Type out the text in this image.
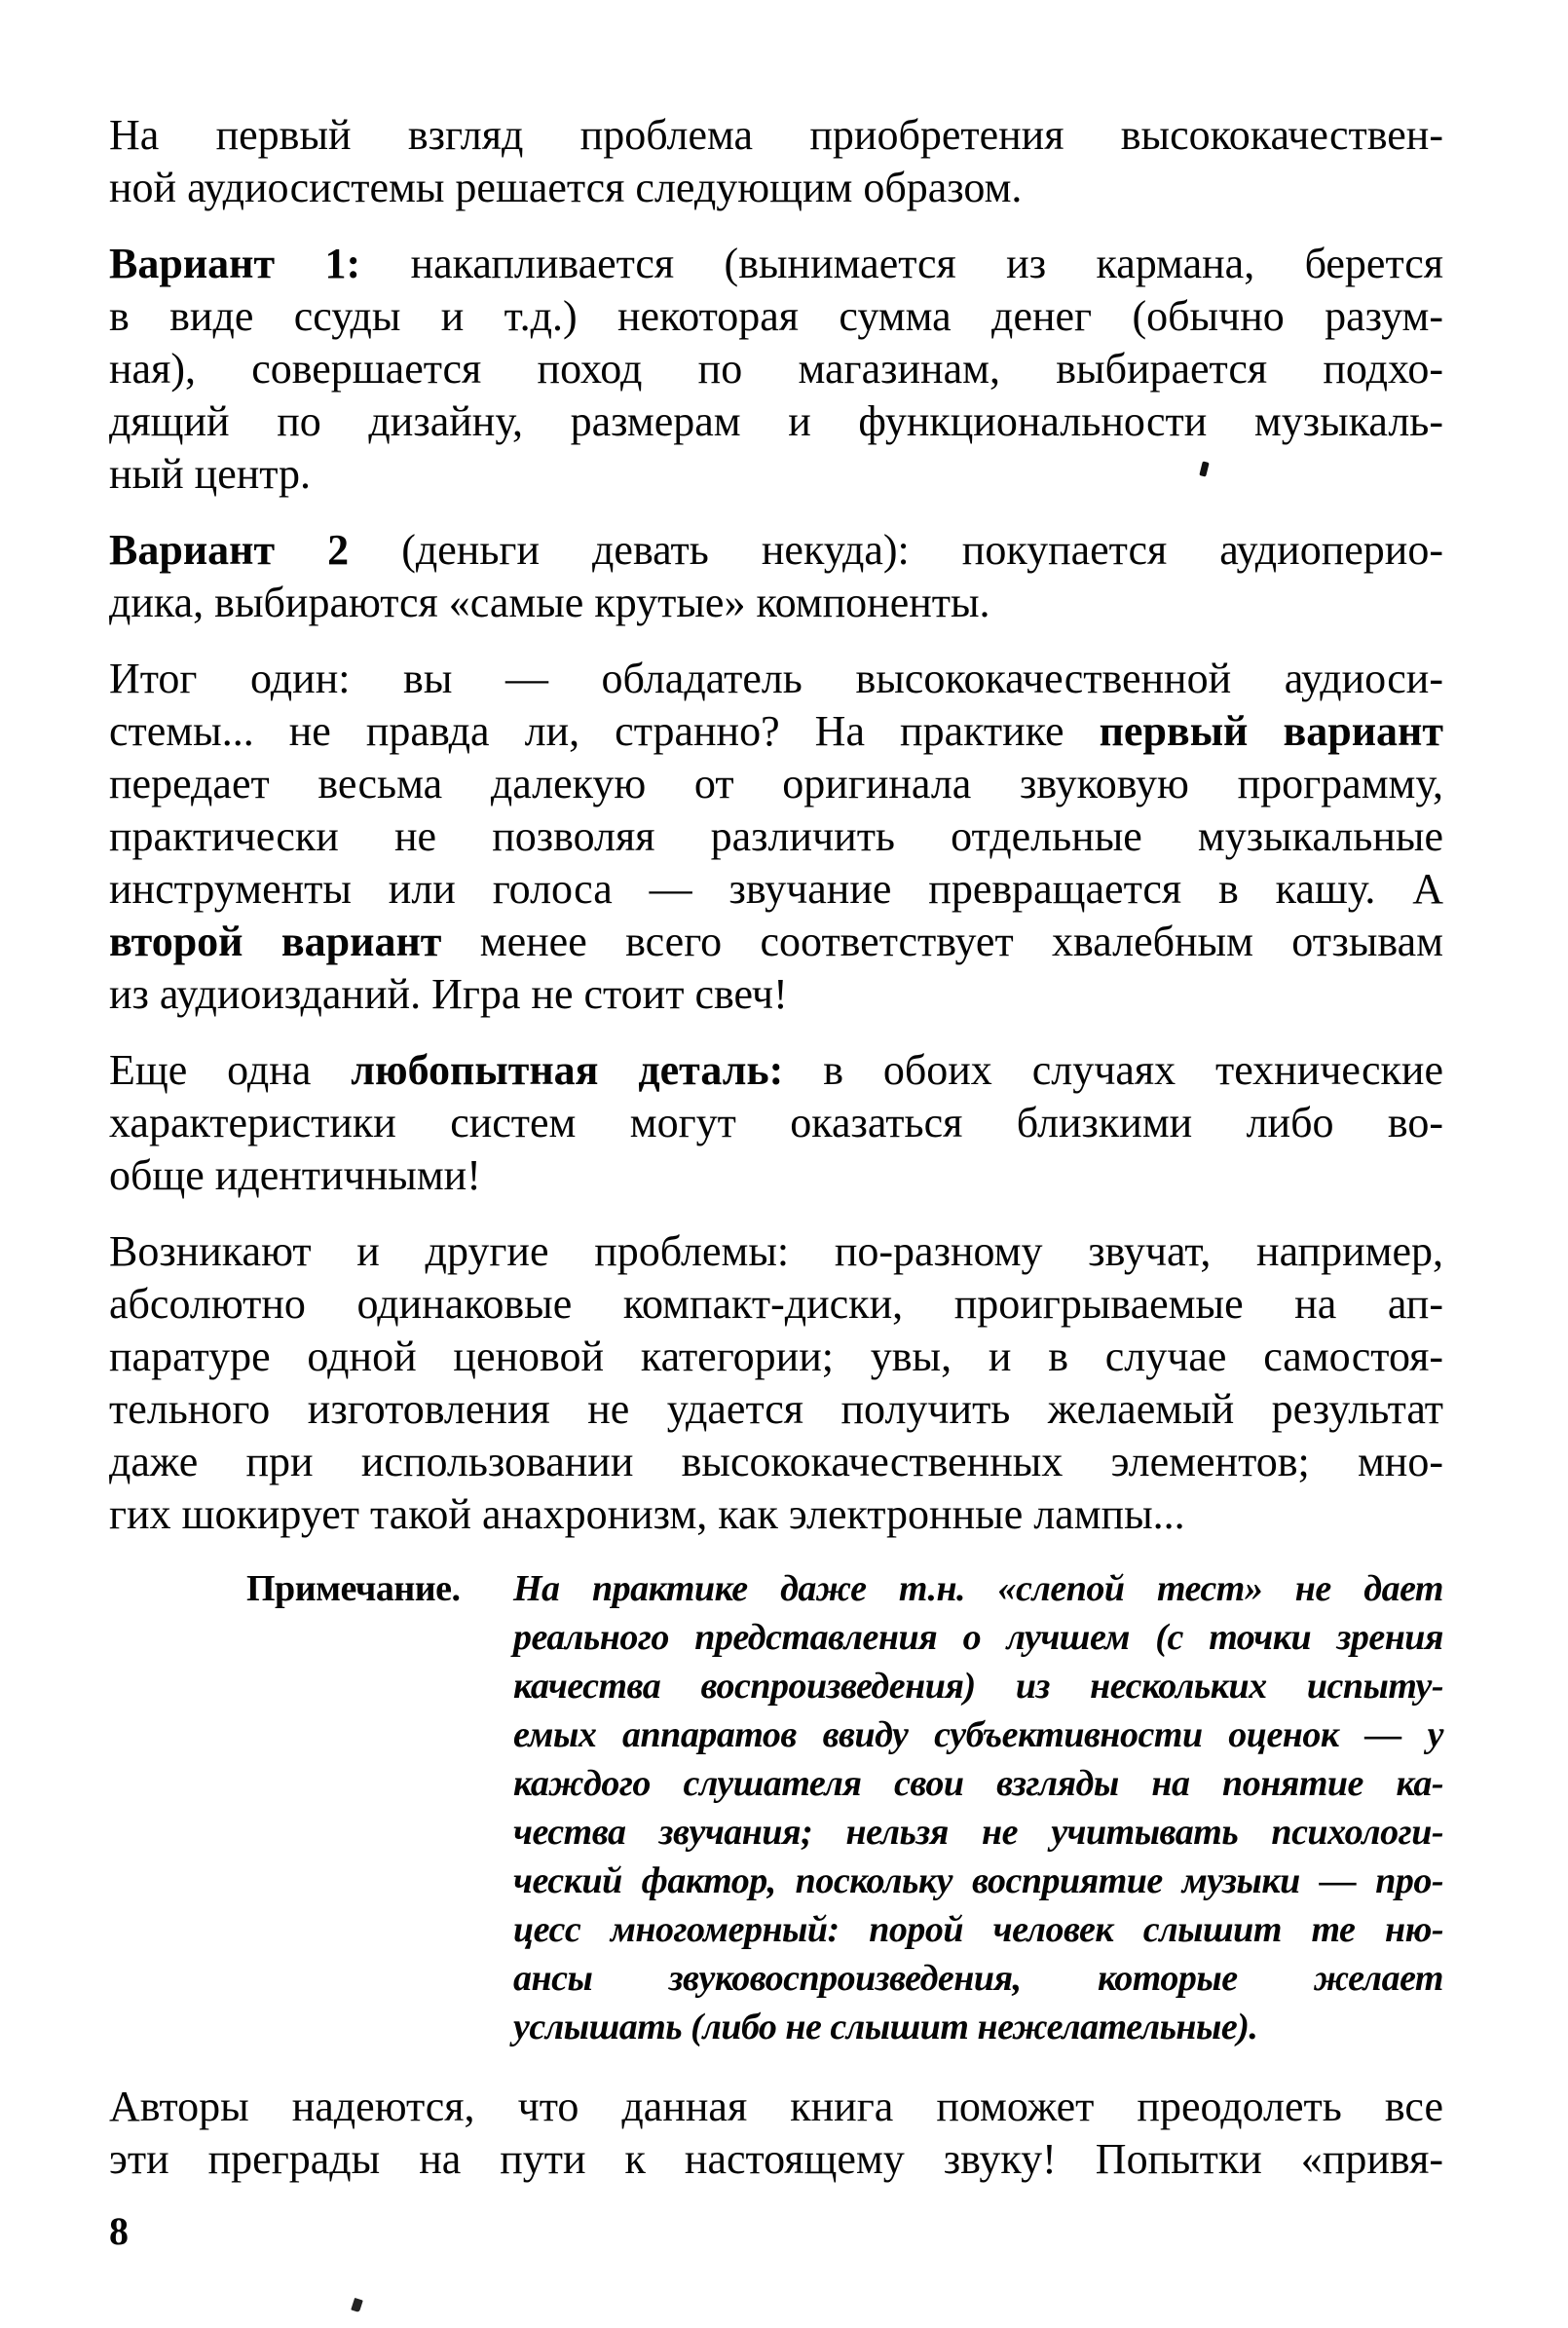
На первый взгляд проблема приобретения высококачествен-
ной аудиосистемы решается следующим образом.
Вариант 1: накапливается (вынимается из кармана, берется
в виде ссуды и т.д.) некоторая сумма денег (обычно разум-
ная), совершается поход по магазинам, выбирается подхо-
дящий по дизайну, размерам и функциональности музыкаль-
ный центр.
Вариант 2 (деньги девать некуда): покупается аудиоперио-
дика, выбираются «самые крутые» компоненты.
Итог один: вы — обладатель высококачественной аудиоси-
стемы... не правда ли, странно? На практике первый вариант
передает весьма далекую от оригинала звуковую программу,
практически не позволяя различить отдельные музыкальные
инструменты или голоса — звучание превращается в кашу. А
второй вариант менее всего соответствует хвалебным отзывам
из аудиоизданий. Игра не стоит свеч!
Еще одна любопытная деталь: в обоих случаях технические
характеристики систем могут оказаться близкими либо во-
обще идентичными!
Возникают и другие проблемы: по-разному звучат, например,
абсолютно одинаковые компакт-диски, проигрываемые на ап-
паратуре одной ценовой категории; увы, и в случае самостоя-
тельного изготовления не удается получить желаемый результат
даже при использовании высококачественных элементов; мно-
гих шокирует такой анахронизм, как электронные лампы...
Примечание.	На практике даже т.н. «слепой тест» не дает
реального представления о лучшем (с точки зрения
качества воспроизведения) из нескольких испыту-
емых аппаратов ввиду субъективности оценок — у
каждого слушателя свои взгляды на понятие ка-
чества звучания; нельзя не учитывать психологи-
ческий фактор, поскольку восприятие музыки — про-
цесс многомерный: порой человек слышит те ню-
ансы звуковоспроизведения, которые желает
услышать (либо не слышит нежелательные).
Авторы надеются, что данная книга поможет преодолеть все
эти преграды на пути к настоящему звуку! Попытки «привя-
8
